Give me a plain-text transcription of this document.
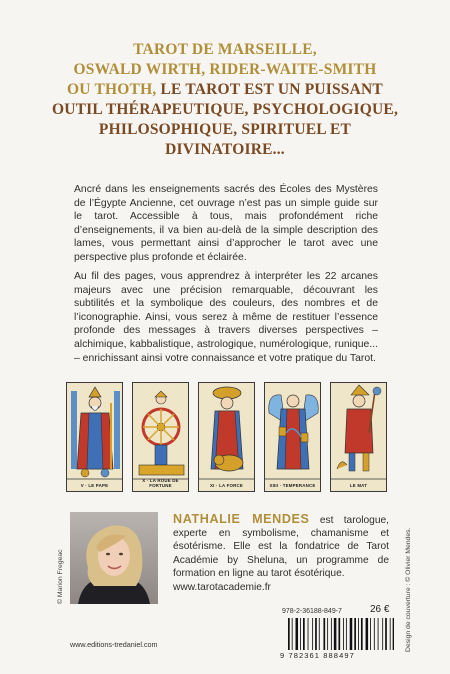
TAROT DE MARSEILLE,
OSWALD WIRTH, RIDER-WAITE-SMITH
OU THOTH, LE TAROT EST UN PUISSANT OUTIL THÉRAPEUTIQUE, PSYCHOLOGIQUE, PHILOSOPHIQUE, SPIRITUEL ET DIVINATOIRE...
Ancré dans les enseignements sacrés des Écoles des Mystères de l’Égypte Ancienne, cet ouvrage n’est pas un simple guide sur le tarot. Accessible à tous, mais profondément riche d’enseignements, il va bien au-delà de la simple description des lames, vous permettant ainsi d’approcher le tarot avec une perspective plus profonde et éclairée.
Au fil des pages, vous apprendrez à interpréter les 22 arcanes majeurs avec une précision remarquable, découvrant les subtilités et la symbolique des couleurs, des nombres et de l’iconographie. Ainsi, vous serez à même de restituer l’essence profonde des messages à travers diverses perspectives – alchimique, kabbalistique, astrologique, numérologique, runique... – enrichissant ainsi votre connaissance et votre pratique du Tarot.
V · LE PAPE
X · LA ROUE DE FORTUNE	XI · LA FORCE	XIIII · TEMPERANCE	LE MAT
© Marion Fregeac
NATHALIE MENDES est tarologue, experte en symbolisme, chamanisme et ésotérisme. Elle est la fondatrice de Tarot Académie by Sheluna, un programme de formation en ligne au tarot ésotérique.
www.tarotacademie.fr
978-2-36188-849-7	26 €
9 782361 888497
Design de couverture : © Olivier Mendes.
www.editions-tredaniel.com
